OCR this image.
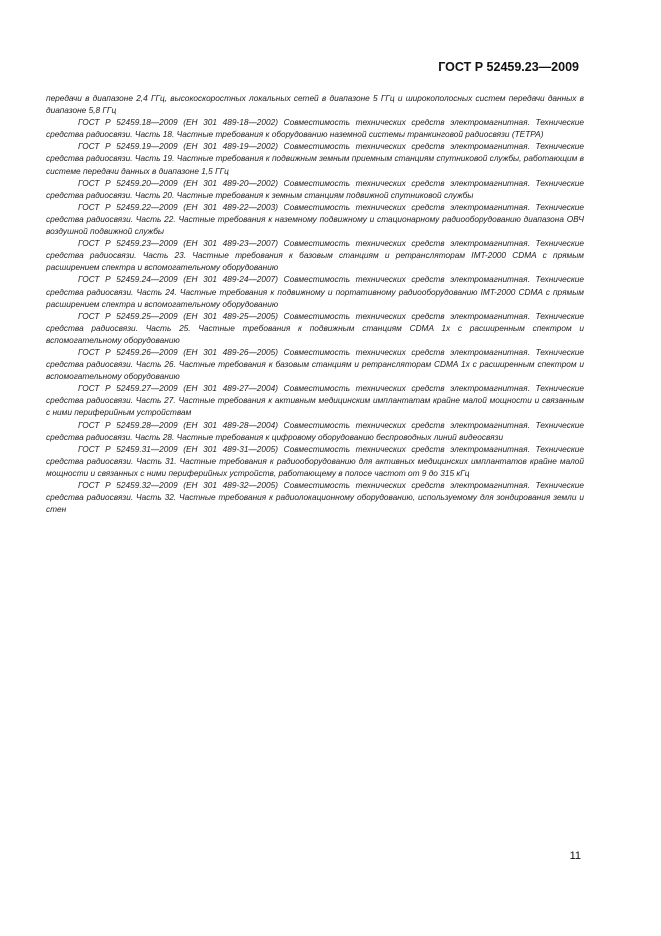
ГОСТ Р 52459.23—2009

передачи в диапазоне 2,4 ГГц, высокоскоростных локальных сетей в диапазоне 5 ГГц и широкополосных систем передачи данных в диапазоне 5,8 ГГц

ГОСТ Р 52459.18—2009 (ЕН 301 489-18—2002) Совместимость технических средств электромагнитная. Технические средства радиосвязи. Часть 18. Частные требования к оборудованию наземной системы транкинговой радиосвязи (ТЕТРА)

ГОСТ Р 52459.19—2009 (ЕН 301 489-19—2002) Совместимость технических средств электромагнитная. Технические средства радиосвязи. Часть 19. Частные требования к подвижным земным приемным станциям спутниковой службы, работающим в системе передачи данных в диапазоне 1,5 ГГц

ГОСТ Р 52459.20—2009 (ЕН 301 489-20—2002) Совместимость технических средств электромагнитная. Технические средства радиосвязи. Часть 20. Частные требования к земным станциям подвижной спутниковой службы

ГОСТ Р 52459.22—2009 (ЕН 301 489-22—2003) Совместимость технических средств электромагнитная. Технические средства радиосвязи. Часть 22. Частные требования к наземному подвижному и стационарному радиооборудованию диапазона ОВЧ воздушной подвижной службы

ГОСТ Р 52459.23—2009 (ЕН 301 489-23—2007) Совместимость технических средств электромагнитная. Технические средства радиосвязи. Часть 23. Частные требования к базовым станциям и ретрансляторам IMT-2000 CDMA с прямым расширением спектра и вспомогательному оборудованию

ГОСТ Р 52459.24—2009 (ЕН 301 489-24—2007) Совместимость технических средств электромагнитная. Технические средства радиосвязи. Часть 24. Частные требования к подвижному и портативному радиооборудованию IMT-2000 CDMA с прямым расширением спектра и вспомогательному оборудованию

ГОСТ Р 52459.25—2009 (ЕН 301 489-25—2005) Совместимость технических средств электромагнитная. Технические средства радиосвязи. Часть 25. Частные требования к подвижным станциям CDMA 1х с расширенным спектром и вспомогательному оборудованию

ГОСТ Р 52459.26—2009 (ЕН 301 489-26—2005) Совместимость технических средств электромагнитная. Технические средства радиосвязи. Часть 26. Частные требования к базовым станциям и ретрансляторам CDMA 1х с расширенным спектром и вспомогательному оборудованию

ГОСТ Р 52459.27—2009 (ЕН 301 489-27—2004) Совместимость технических средств электромагнитная. Технические средства радиосвязи. Часть 27. Частные требования к активным медицинским имплантатам крайне малой мощности и связанным с ними периферийным устройствам

ГОСТ Р 52459.28—2009 (ЕН 301 489-28—2004) Совместимость технических средств электромагнитная. Технические средства радиосвязи. Часть 28. Частные требования к цифровому оборудованию беспроводных линий видеосвязи

ГОСТ Р 52459.31—2009 (ЕН 301 489-31—2005) Совместимость технических средств электромагнитная. Технические средства радиосвязи. Часть 31. Частные требования к радиооборудованию для активных медицинских имплантатов крайне малой мощности и связанных с ними периферийных устройств, работающему в полосе частот от 9 до 315 кГц

ГОСТ Р 52459.32—2009 (ЕН 301 489-32—2005) Совместимость технических средств электромагнитная. Технические средства радиосвязи. Часть 32. Частные требования к радиолокационному оборудованию, используемому для зондирования земли и стен

11
